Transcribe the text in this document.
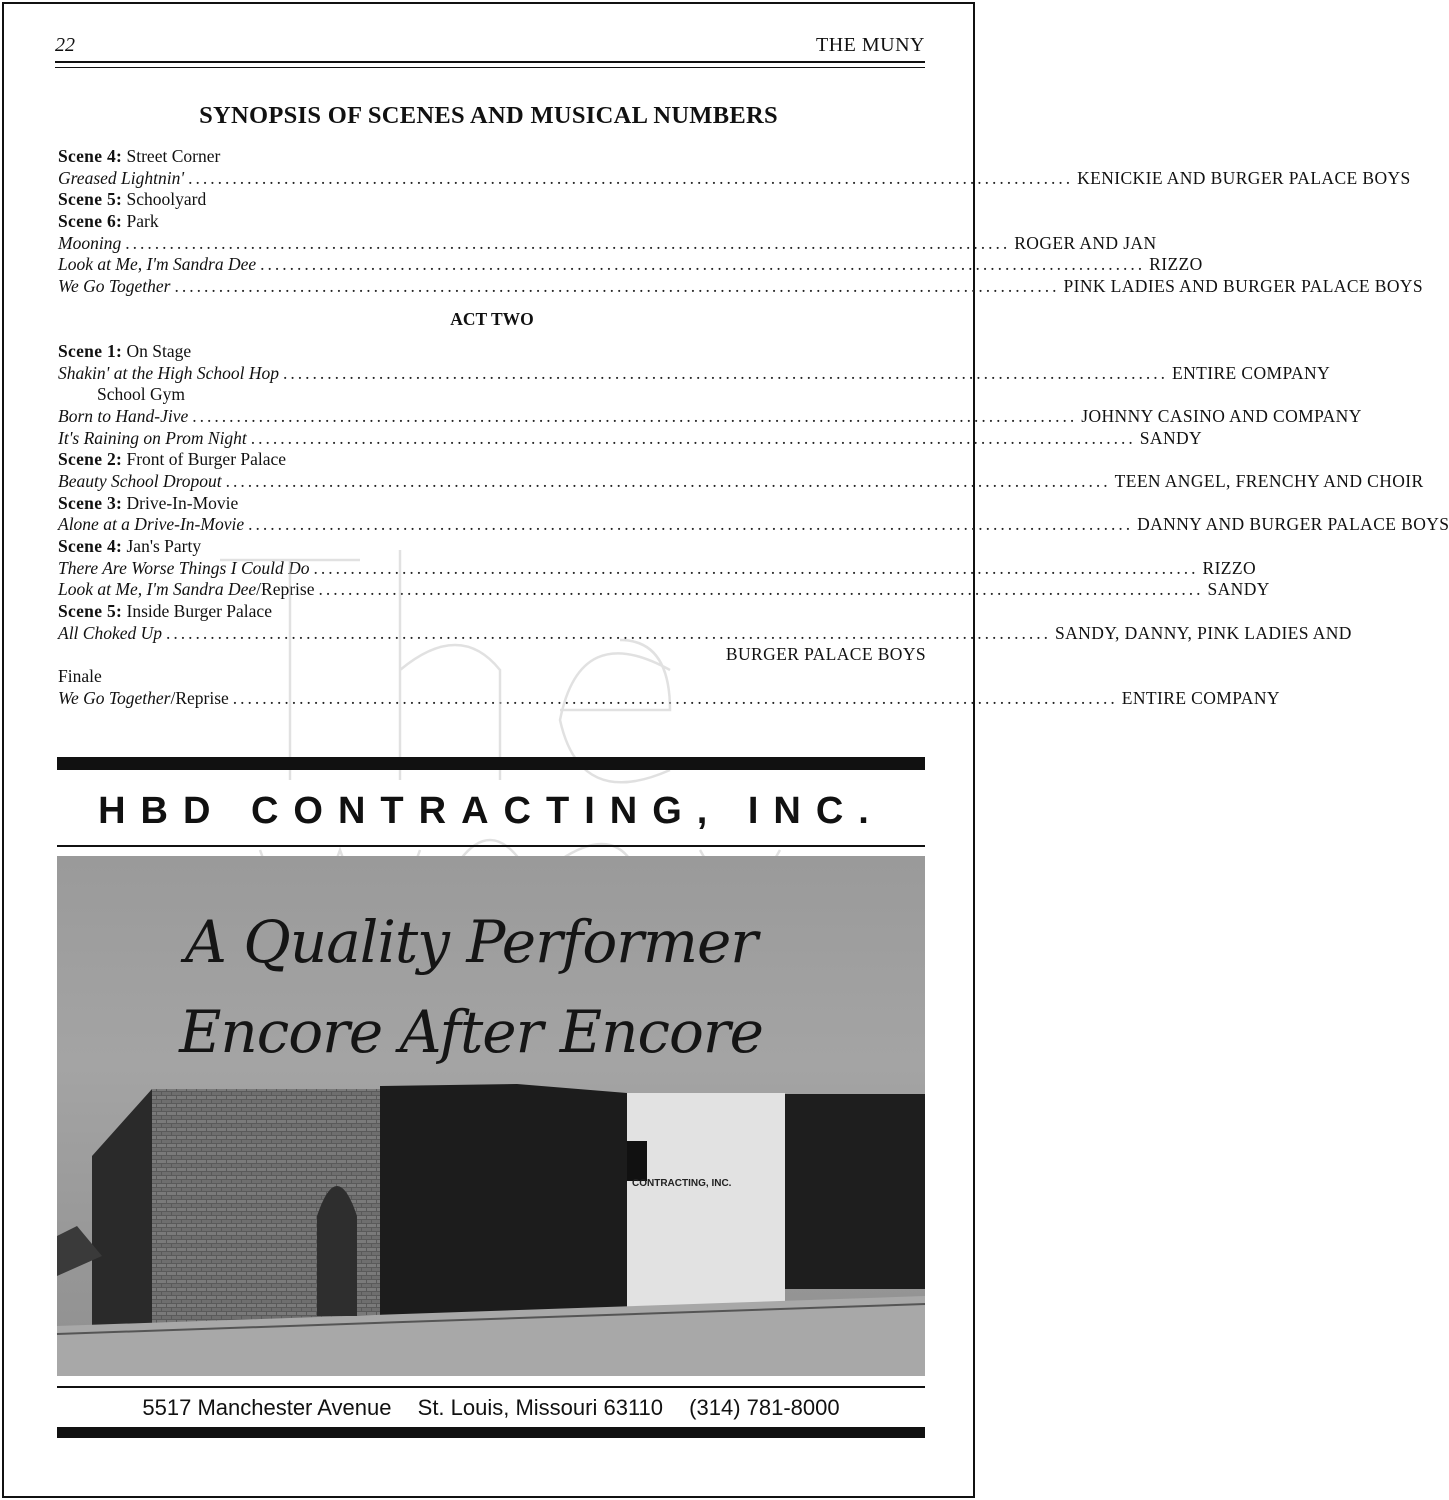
22	THE MUNY
SYNOPSIS OF SCENES AND MUSICAL NUMBERS
Scene 4: Street Corner
Greased Lightnin' ........................................................................................................................ KENICKIE AND BURGER PALACE BOYS
Scene 5: Schoolyard
Scene 6: Park
Mooning ........................................................................................................................ ROGER AND JAN
Look at Me, I'm Sandra Dee ........................................................................................................................ RIZZO
We Go Together ........................................................................................................................ PINK LADIES AND BURGER PALACE BOYS
ACT TWO
Scene 1: On Stage
Shakin' at the High School Hop ........................................................................................................................ ENTIRE COMPANY
School Gym
Born to Hand-Jive ........................................................................................................................ JOHNNY CASINO AND COMPANY
It's Raining on Prom Night ........................................................................................................................ SANDY
Scene 2: Front of Burger Palace
Beauty School Dropout ........................................................................................................................ TEEN ANGEL, FRENCHY AND CHOIR
Scene 3: Drive-In-Movie
Alone at a Drive-In-Movie ........................................................................................................................ DANNY AND BURGER PALACE BOYS
Scene 4: Jan's Party
There Are Worse Things I Could Do ........................................................................................................................ RIZZO
Look at Me, I'm Sandra Dee/Reprise ........................................................................................................................ SANDY
Scene 5: Inside Burger Palace
All Choked Up ........................................................................................................................ SANDY, DANNY, PINK LADIES AND
BURGER PALACE BOYS
Finale
We Go Together/Reprise ........................................................................................................................ ENTIRE COMPANY
HBD CONTRACTING, INC.
A Quality Performer
Encore After Encore
CONTRACTING, INC.
5517 Manchester Avenue St. Louis, Missouri 63110 (314) 781-8000
